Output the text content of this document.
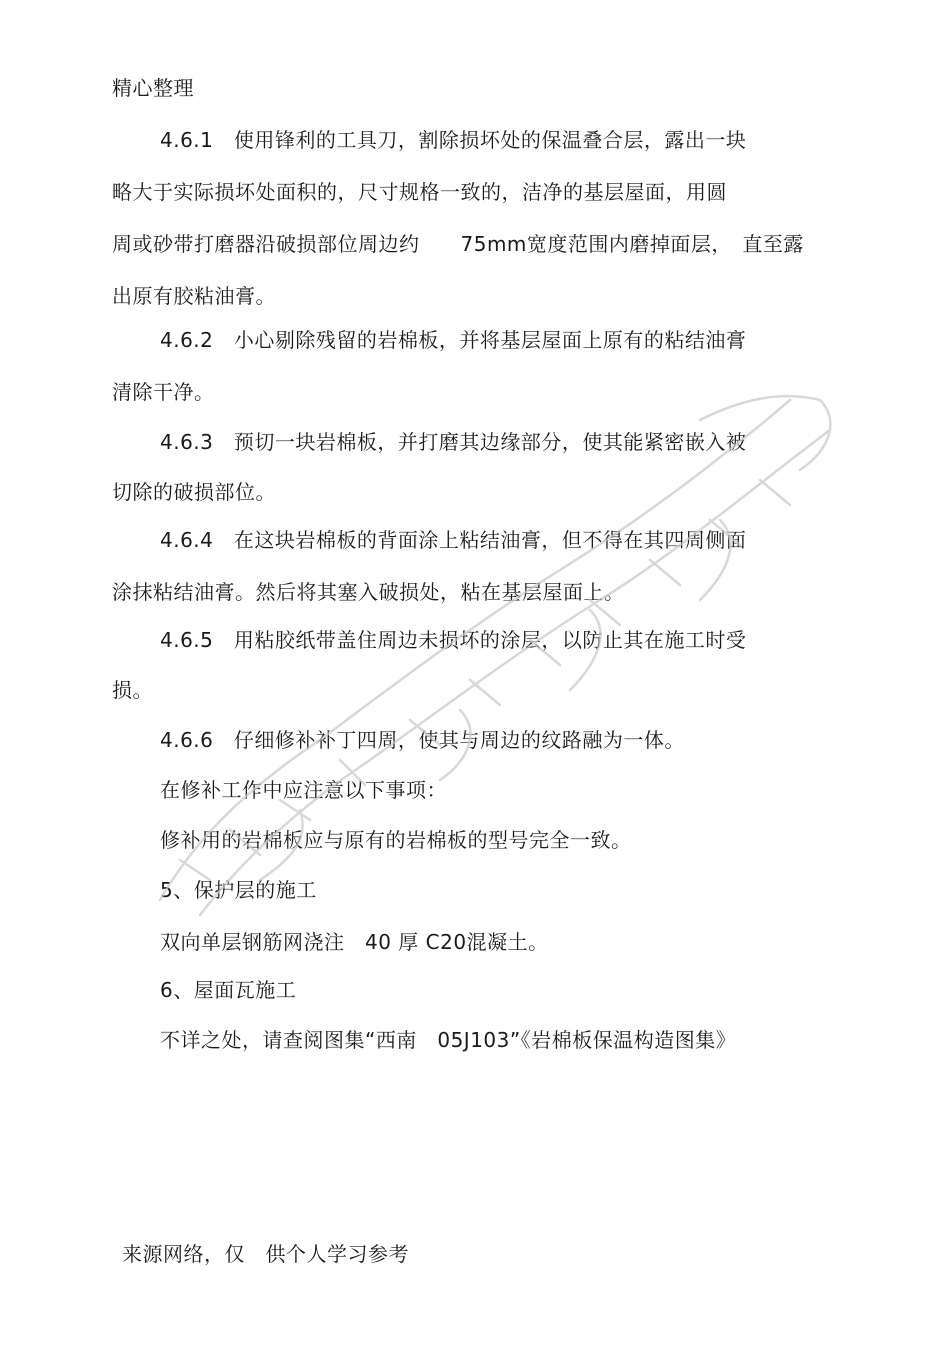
精心整理
4.6.1　使用锋利的工具刀，割除损坏处的保温叠合层，露出一块
略大于实际损坏处面积的，尺寸规格一致的，洁净的基层屋面，用圆
周或砂带打磨器沿破损部位周边约　　75mm宽度范围内磨掉面层，　直至露
出原有胶粘油膏。
4.6.2　小心剔除残留的岩棉板，并将基层屋面上原有的粘结油膏
清除干净。
4.6.3　预切一块岩棉板，并打磨其边缘部分，使其能紧密嵌入被
切除的破损部位。
4.6.4　在这块岩棉板的背面涂上粘结油膏，但不得在其四周侧面
涂抹粘结油膏。然后将其塞入破损处，粘在基层屋面上。
4.6.5　用粘胶纸带盖住周边未损坏的涂层，以防止其在施工时受
损。
4.6.6　仔细修补补丁四周，使其与周边的纹路融为一体。
在修补工作中应注意以下事项：
修补用的岩棉板应与原有的岩棉板的型号完全一致。
5、保护层的施工
双向单层钢筋网浇注　40 厚 C20混凝土。
6、屋面瓦施工
不详之处，请查阅图集“西南　05J103”《岩棉板保温构造图集》
来源网络，仅　供个人学习参考
